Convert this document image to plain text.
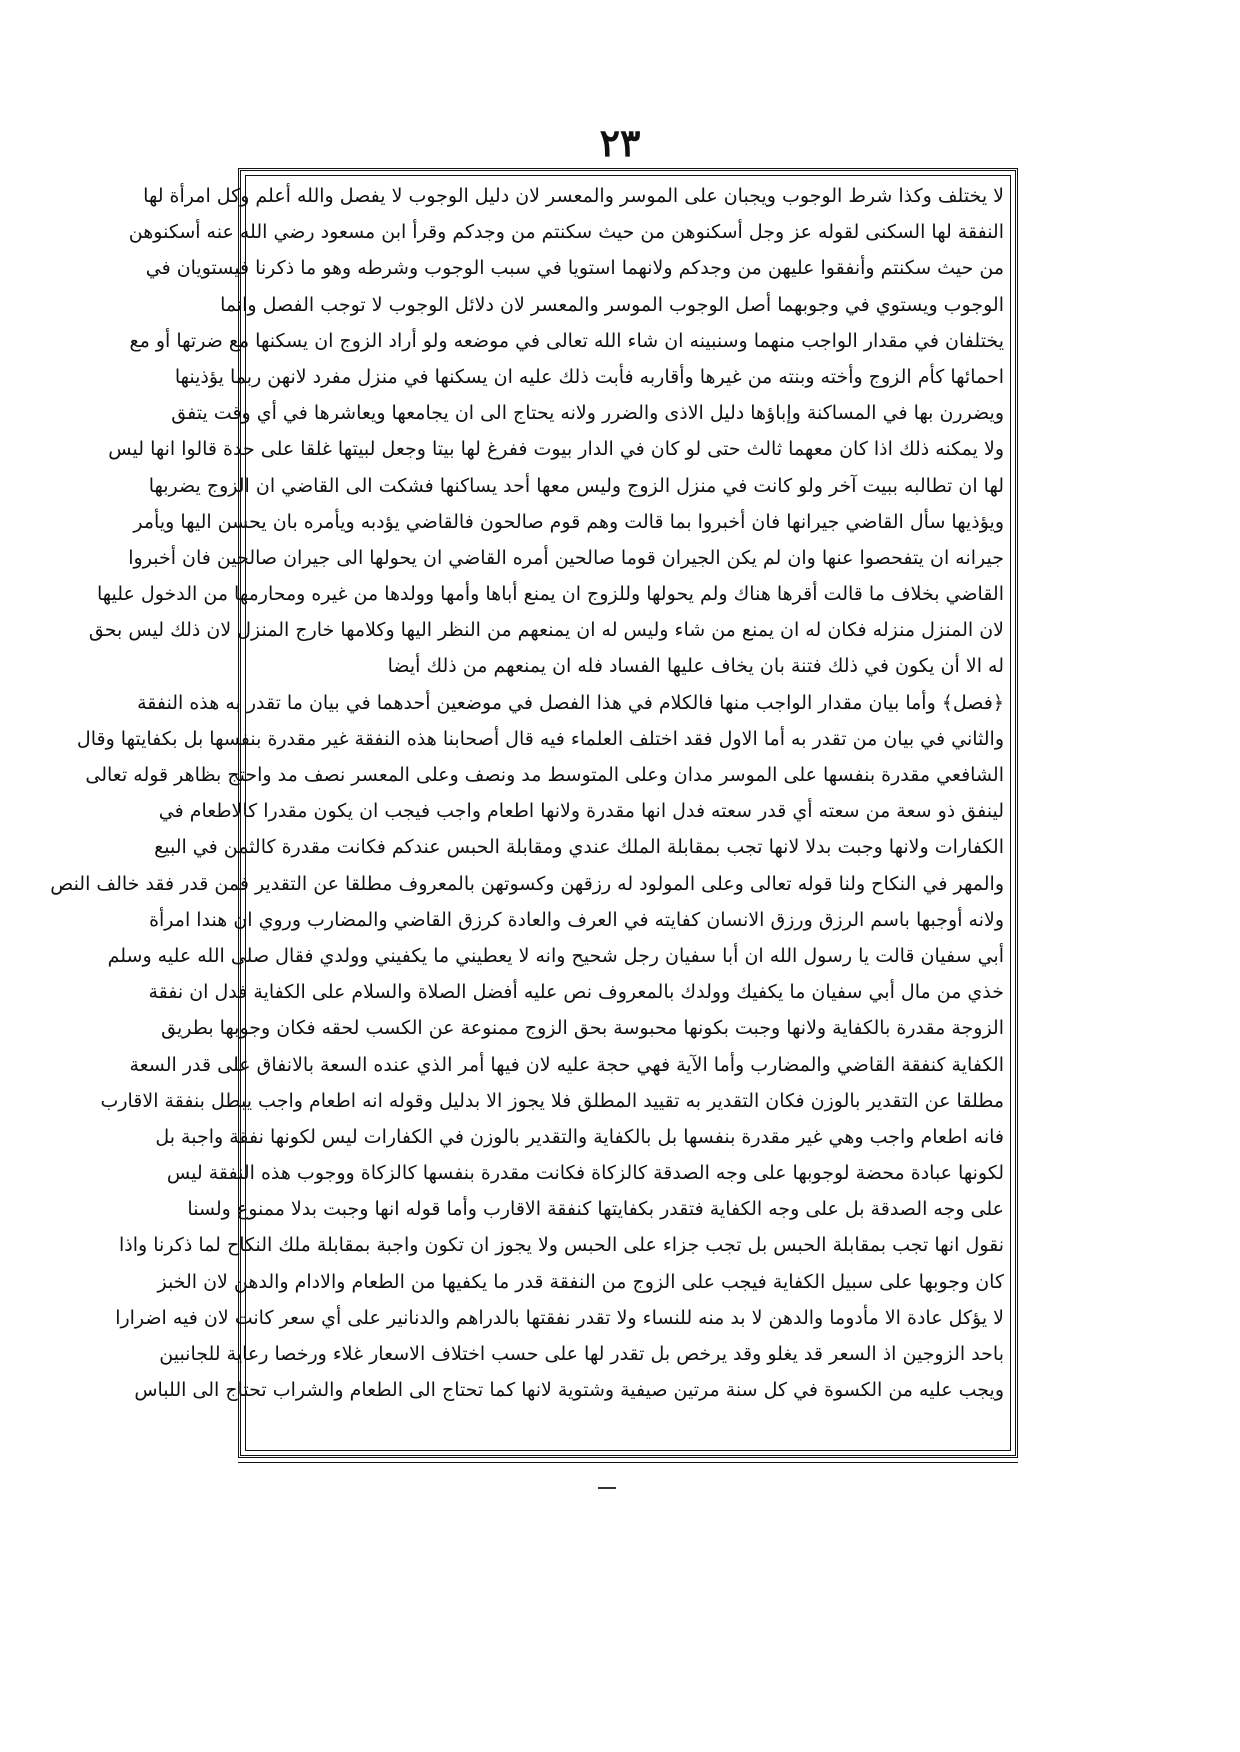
٢٣
لا يختلف وكذا شرط الوجوب ويجبان على الموسر والمعسر لان دليل الوجوب لا يفصل والله أعلم وكل امرأة لها
النفقة لها السكنى لقوله عز وجل أسكنوهن من حيث سكنتم من وجدكم وقرأ ابن مسعود رضي الله عنه أسكنوهن
من حيث سكنتم وأنفقوا عليهن من وجدكم ولانهما استويا في سبب الوجوب وشرطه وهو ما ذكرنا فيستويان في
الوجوب ويستوي في وجوبهما أصل الوجوب الموسر والمعسر لان دلائل الوجوب لا توجب الفصل وانما
يختلفان في مقدار الواجب منهما وسنبينه ان شاء الله تعالى في موضعه ولو أراد الزوج ان يسكنها مع ضرتها أو مع
احمائها كأم الزوج وأخته وبنته من غيرها وأقاربه فأبت ذلك عليه ان يسكنها في منزل مفرد لانهن ربما يؤذينها
ويضررن بها في المساكنة وإباؤها دليل الاذى والضرر ولانه يحتاج الى ان يجامعها ويعاشرها في أي وقت يتفق
ولا يمكنه ذلك اذا كان معهما ثالث حتى لو كان في الدار بيوت ففرغ لها بيتا وجعل لبيتها غلقا على حدة قالوا انها ليس
لها ان تطالبه ببيت آخر ولو كانت في منزل الزوج وليس معها أحد يساكنها فشكت الى القاضي ان الزوج يضربها
ويؤذيها سأل القاضي جيرانها فان أخبروا بما قالت وهم قوم صالحون فالقاضي يؤدبه ويأمره بان يحسن اليها ويأمر
جيرانه ان يتفحصوا عنها وان لم يكن الجيران قوما صالحين أمره القاضي ان يحولها الى جيران صالحين فان أخبروا
القاضي بخلاف ما قالت أقرها هناك ولم يحولها وللزوج ان يمنع أباها وأمها وولدها من غيره ومحارمها من الدخول عليها
لان المنزل منزله فكان له ان يمنع من شاء وليس له ان يمنعهم من النظر اليها وكلامها خارج المنزل لان ذلك ليس بحق
له الا أن يكون في ذلك فتنة بان يخاف عليها الفساد فله ان يمنعهم من ذلك أيضا
﴿فصل﴾ وأما بيان مقدار الواجب منها فالكلام في هذا الفصل في موضعين أحدهما في بيان ما تقدر به هذه النفقة
والثاني في بيان من تقدر به أما الاول فقد اختلف العلماء فيه قال أصحابنا هذه النفقة غير مقدرة بنفسها بل بكفايتها وقال
الشافعي مقدرة بنفسها على الموسر مدان وعلى المتوسط مد ونصف وعلى المعسر نصف مد واحتج بظاهر قوله تعالى
لينفق ذو سعة من سعته أي قدر سعته فدل انها مقدرة ولانها اطعام واجب فيجب ان يكون مقدرا كالاطعام في
الكفارات ولانها وجبت بدلا لانها تجب بمقابلة الملك عندي ومقابلة الحبس عندكم فكانت مقدرة كالثمن في البيع
والمهر في النكاح ولنا قوله تعالى وعلى المولود له رزقهن وكسوتهن بالمعروف مطلقا عن التقدير فمن قدر فقد خالف النص
ولانه أوجبها باسم الرزق ورزق الانسان كفايته في العرف والعادة كرزق القاضي والمضارب وروي ان هندا امرأة
أبي سفيان قالت يا رسول الله ان أبا سفيان رجل شحيح وانه لا يعطيني ما يكفيني وولدي فقال صلى الله عليه وسلم
خذي من مال أبي سفيان ما يكفيك وولدك بالمعروف نص عليه أفضل الصلاة والسلام على الكفاية فدل ان نفقة
الزوجة مقدرة بالكفاية ولانها وجبت بكونها محبوسة بحق الزوج ممنوعة عن الكسب لحقه فكان وجوبها بطريق
الكفاية كنفقة القاضي والمضارب وأما الآية فهي حجة عليه لان فيها أمر الذي عنده السعة بالانفاق على قدر السعة
مطلقا عن التقدير بالوزن فكان التقدير به تقييد المطلق فلا يجوز الا بدليل وقوله انه اطعام واجب يبطل بنفقة الاقارب
فانه اطعام واجب وهي غير مقدرة بنفسها بل بالكفاية والتقدير بالوزن في الكفارات ليس لكونها نفقة واجبة بل
لكونها عبادة محضة لوجوبها على وجه الصدقة كالزكاة فكانت مقدرة بنفسها كالزكاة ووجوب هذه النفقة ليس
على وجه الصدقة بل على وجه الكفاية فتقدر بكفايتها كنفقة الاقارب وأما قوله انها وجبت بدلا ممنوع ولسنا
نقول انها تجب بمقابلة الحبس بل تجب جزاء على الحبس ولا يجوز ان تكون واجبة بمقابلة ملك النكاح لما ذكرنا واذا
كان وجوبها على سبيل الكفاية فيجب على الزوج من النفقة قدر ما يكفيها من الطعام والادام والدهن لان الخبز
لا يؤكل عادة الا مأدوما والدهن لا بد منه للنساء ولا تقدر نفقتها بالدراهم والدنانير على أي سعر كانت لان فيه اضرارا
باحد الزوجين اذ السعر قد يغلو وقد يرخص بل تقدر لها على حسب اختلاف الاسعار غلاء ورخصا رعاية للجانبين
ويجب عليه من الكسوة في كل سنة مرتين صيفية وشتوية لانها كما تحتاج الى الطعام والشراب تحتاج الى اللباس
